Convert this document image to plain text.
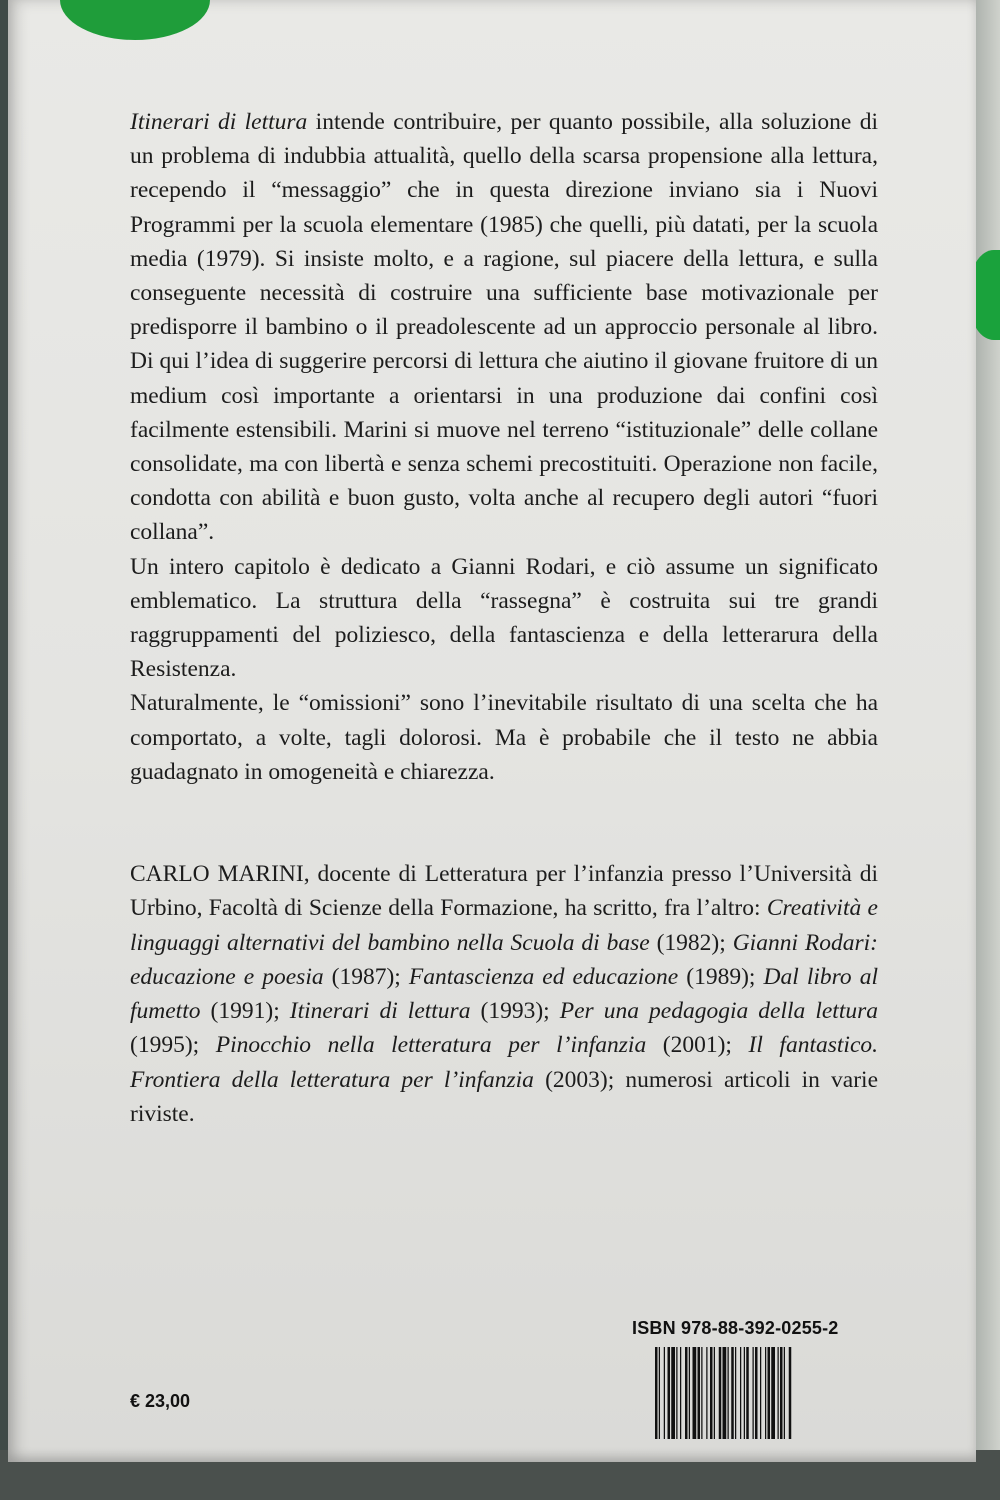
Itinerari di lettura intende contribuire, per quanto possibile, alla soluzione di un problema di indubbia attualità, quello della scarsa propensione alla lettura, recependo il “messaggio” che in questa direzione inviano sia i Nuovi Programmi per la scuola elementare (1985) che quelli, più datati, per la scuola media (1979). Si insiste molto, e a ragione, sul piacere della lettura, e sulla conseguente necessità di costruire una sufficiente base motivazionale per predisporre il bambino o il preadolescente ad un approccio personale al libro. Di qui l’idea di suggerire percorsi di lettura che aiutino il giovane fruitore di un medium così importante a orientarsi in una produzione dai confini così facilmente estensibili. Marini si muove nel terreno “istituzionale” delle collane consolidate, ma con libertà e senza schemi precostituiti. Operazione non facile, condotta con abilità e buon gusto, volta anche al recupero degli autori “fuori collana”.

Un intero capitolo è dedicato a Gianni Rodari, e ciò assume un significato emblematico. La struttura della “rassegna” è costruita sui tre grandi raggruppamenti del poliziesco, della fantascienza e della letterarura della Resistenza.

Naturalmente, le “omissioni” sono l’inevitabile risultato di una scelta che ha comportato, a volte, tagli dolorosi. Ma è probabile che il testo ne abbia guadagnato in omogeneità e chiarezza.

CARLO MARINI, docente di Letteratura per l’infanzia presso l’Università di Urbino, Facoltà di Scienze della Formazione, ha scritto, fra l’altro: Creatività e linguaggi alternativi del bambino nella Scuola di base (1982); Gianni Rodari: educazione e poesia (1987); Fantascienza ed educazione (1989); Dal libro al fumetto (1991); Itinerari di lettura (1993); Per una pedagogia della lettura (1995); Pinocchio nella letteratura per l’infanzia (2001); Il fantastico. Frontiera della letteratura per l’infanzia (2003); numerosi articoli in varie riviste.

ISBN 978-88-392-0255-2
€ 23,00
